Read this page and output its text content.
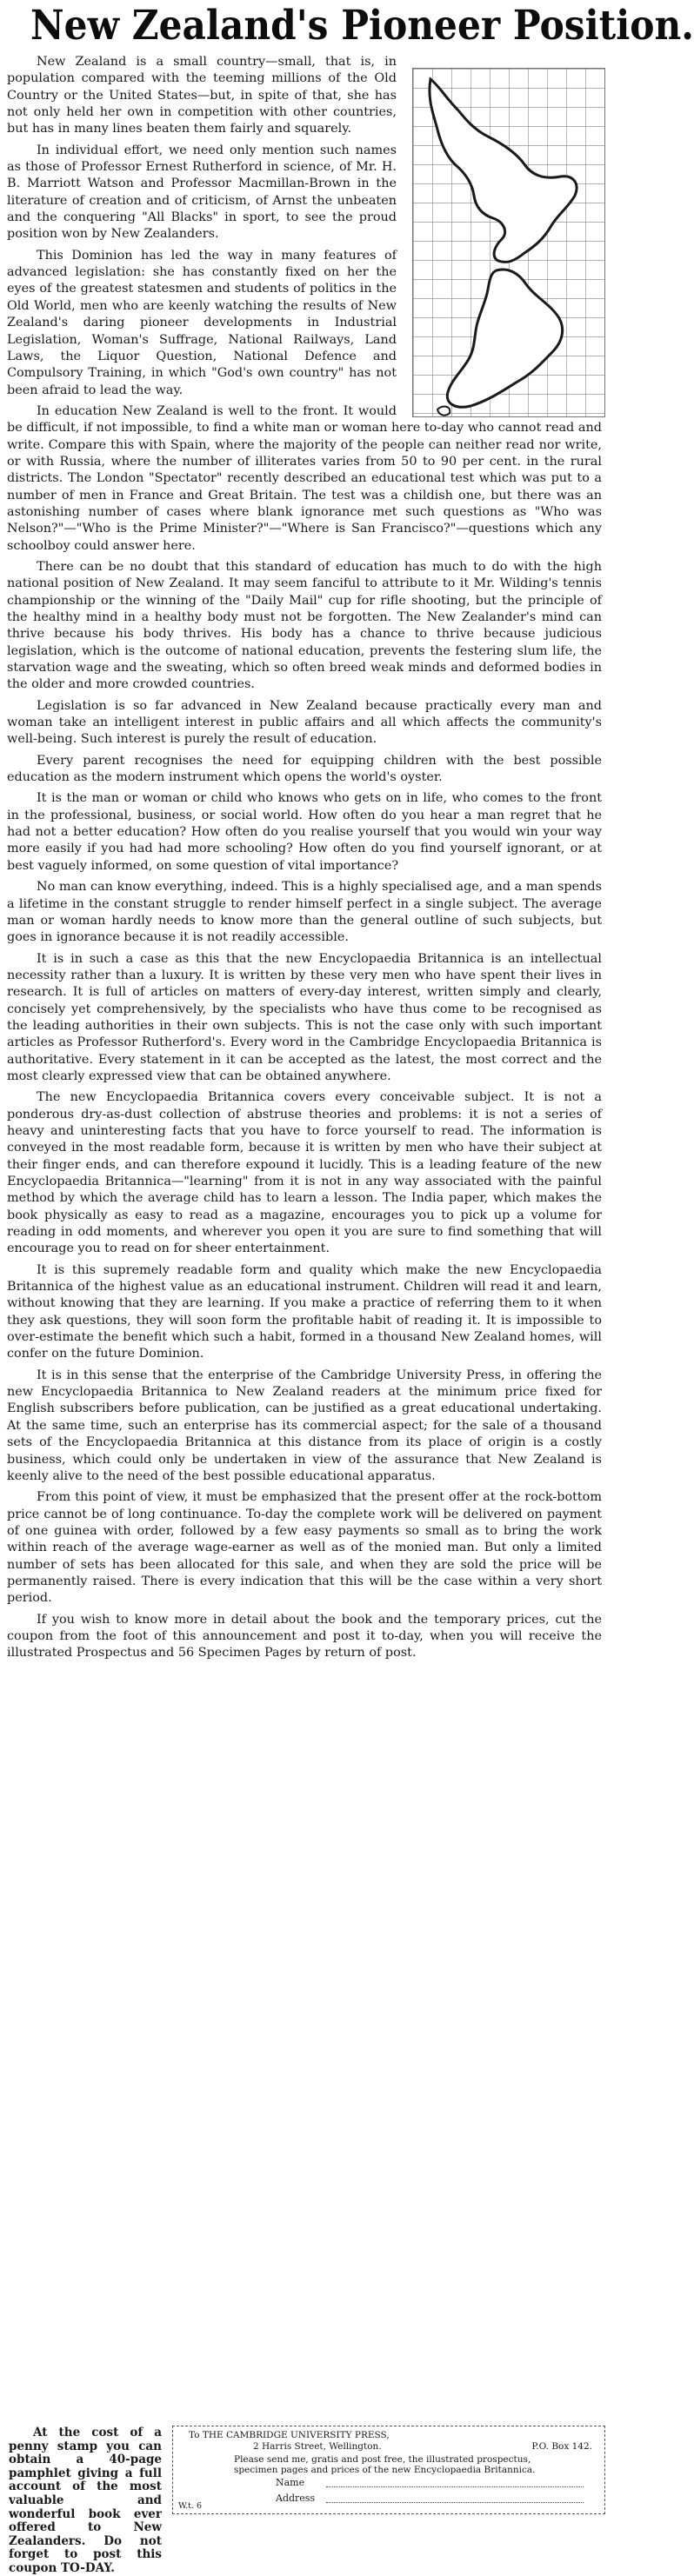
New Zealand's Pioneer Position.

New Zealand is a small country—small, that is, in population compared with the teeming millions of the Old Country or the United States—but, in spite of that, she has not only held her own in competition with other countries, but has in many lines beaten them fairly and squarely.

In individual effort, we need only mention such names as those of Professor Ernest Rutherford in science, of Mr. H. B. Marriott Watson and Professor Macmillan-Brown in the literature of creation and of criticism, of Arnst the unbeaten and the conquering "All Blacks" in sport, to see the proud position won by New Zealanders.

This Dominion has led the way in many features of advanced legislation: she has constantly fixed on her the eyes of the greatest statesmen and students of politics in the Old World, men who are keenly watching the results of New Zealand's daring pioneer developments in Industrial Legislation, Woman's Suffrage, National Railways, Land Laws, the Liquor Question, National Defence and Compulsory Training, in which "God's own country" has not been afraid to lead the way.

In education New Zealand is well to the front. It would be difficult, if not impossible, to find a white man or woman here to-day who cannot read and write. Compare this with Spain, where the majority of the people can neither read nor write, or with Russia, where the number of illiterates varies from 50 to 90 per cent. in the rural districts. The London "Spectator" recently described an educational test which was put to a number of men in France and Great Britain. The test was a childish one, but there was an astonishing number of cases where blank ignorance met such questions as "Who was Nelson?"—"Who is the Prime Minister?"—"Where is San Francisco?"—questions which any schoolboy could answer here.

There can be no doubt that this standard of education has much to do with the high national position of New Zealand. It may seem fanciful to attribute to it Mr. Wilding's tennis championship or the winning of the "Daily Mail" cup for rifle shooting, but the principle of the healthy mind in a healthy body must not be forgotten. The New Zealander's mind can thrive because his body thrives. His body has a chance to thrive because judicious legislation, which is the outcome of national education, prevents the festering slum life, the starvation wage and the sweating, which so often breed weak minds and deformed bodies in the older and more crowded countries.

Legislation is so far advanced in New Zealand because practically every man and woman take an intelligent interest in public affairs and all which affects the community's well-being. Such interest is purely the result of education.

Every parent recognises the need for equipping children with the best possible education as the modern instrument which opens the world's oyster.

It is the man or woman or child who knows who gets on in life, who comes to the front in the professional, business, or social world. How often do you hear a man regret that he had not a better education? How often do you realise yourself that you would win your way more easily if you had had more schooling? How often do you find yourself ignorant, or at best vaguely informed, on some question of vital importance?

No man can know everything, indeed. This is a highly specialised age, and a man spends a lifetime in the constant struggle to render himself perfect in a single subject. The average man or woman hardly needs to know more than the general outline of such subjects, but goes in ignorance because it is not readily accessible.

It is in such a case as this that the new Encyclopaedia Britannica is an intellectual necessity rather than a luxury. It is written by these very men who have spent their lives in research. It is full of articles on matters of every-day interest, written simply and clearly, concisely yet comprehensively, by the specialists who have thus come to be recognised as the leading authorities in their own subjects. This is not the case only with such important articles as Professor Rutherford's. Every word in the Cambridge Encyclopaedia Britannica is authoritative. Every statement in it can be accepted as the latest, the most correct and the most clearly expressed view that can be obtained anywhere.

The new Encyclopaedia Britannica covers every conceivable subject. It is not a ponderous dry-as-dust collection of abstruse theories and problems: it is not a series of heavy and uninteresting facts that you have to force yourself to read. The information is conveyed in the most readable form, because it is written by men who have their subject at their finger ends, and can therefore expound it lucidly. This is a leading feature of the new Encyclopaedia Britannica—"learning" from it is not in any way associated with the painful method by which the average child has to learn a lesson. The India paper, which makes the book physically as easy to read as a magazine, encourages you to pick up a volume for reading in odd moments, and wherever you open it you are sure to find something that will encourage you to read on for sheer entertainment.

It is this supremely readable form and quality which make the new Encyclopaedia Britannica of the highest value as an educational instrument. Children will read it and learn, without knowing that they are learning. If you make a practice of referring them to it when they ask questions, they will soon form the profitable habit of reading it. It is impossible to over-estimate the benefit which such a habit, formed in a thousand New Zealand homes, will confer on the future Dominion.

It is in this sense that the enterprise of the Cambridge University Press, in offering the new Encyclopaedia Britannica to New Zealand readers at the minimum price fixed for English subscribers before publication, can be justified as a great educational undertaking. At the same time, such an enterprise has its commercial aspect; for the sale of a thousand sets of the Encyclopaedia Britannica at this distance from its place of origin is a costly business, which could only be undertaken in view of the assurance that New Zealand is keenly alive to the need of the best possible educational apparatus.

From this point of view, it must be emphasized that the present offer at the rock-bottom price cannot be of long continuance. To-day the complete work will be delivered on payment of one guinea with order, followed by a few easy payments so small as to bring the work within reach of the average wage-earner as well as of the monied man. But only a limited number of sets has been allocated for this sale, and when they are sold the price will be permanently raised. There is every indication that this will be the case within a very short period.

If you wish to know more in detail about the book and the temporary prices, cut the coupon from the foot of this announcement and post it to-day, when you will receive the illustrated Prospectus and 56 Specimen Pages by return of post.

At the cost of a penny stamp you can obtain a 40-page pamphlet giving a full account of the most valuable and wonderful book ever offered to New Zealanders. Do not forget to post this coupon TO-DAY.
To THE CAMBRIDGE UNIVERSITY PRESS,
2 Harris Street, Wellington.	P.O. Box 142.
Please send me, gratis and post free, the illustrated prospectus, specimen pages and prices of the new Encyclopaedia Britannica.
Name
Address
W.t. 6
